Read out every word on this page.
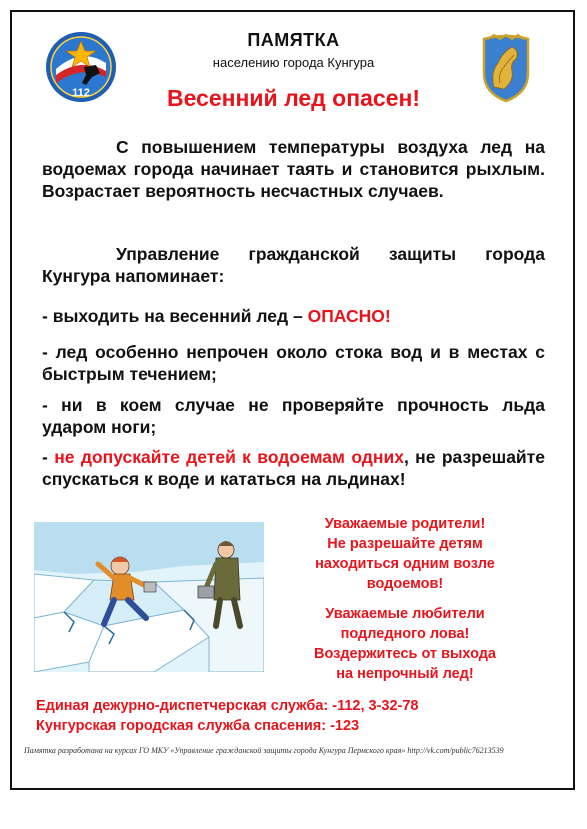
112
ПАМЯТКА
населению города Кунгура
Весенний лед опасен!
С повышением температуры воздуха лед на водоемах города начинает таять и становится рыхлым. Возрастает вероятность несчастных случаев.
Управление гражданской защиты города Кунгура напоминает:
- выходить на весенний лед – ОПАСНО!
- лед особенно непрочен около стока вод и в местах с быстрым течением;
- ни в коем случае не проверяйте прочность льда ударом ноги;
- не допускайте детей к водоемам одних, не разрешайте спускаться к воде и кататься на льдинах!
Уважаемые родители!
Не разрешайте детям
находиться одним возле
водоемов!
Уважаемые любители
подледного лова!
Воздержитесь от выхода
на непрочный лед!
Единая дежурно-диспетчерская служба: -112, 3-32-78
Кунгурская городская служба спасения: -123
Памятка разработана на курсах ГО МКУ «Управление гражданской защиты города Кунгура Пермского края» http://vk.com/public76213539
